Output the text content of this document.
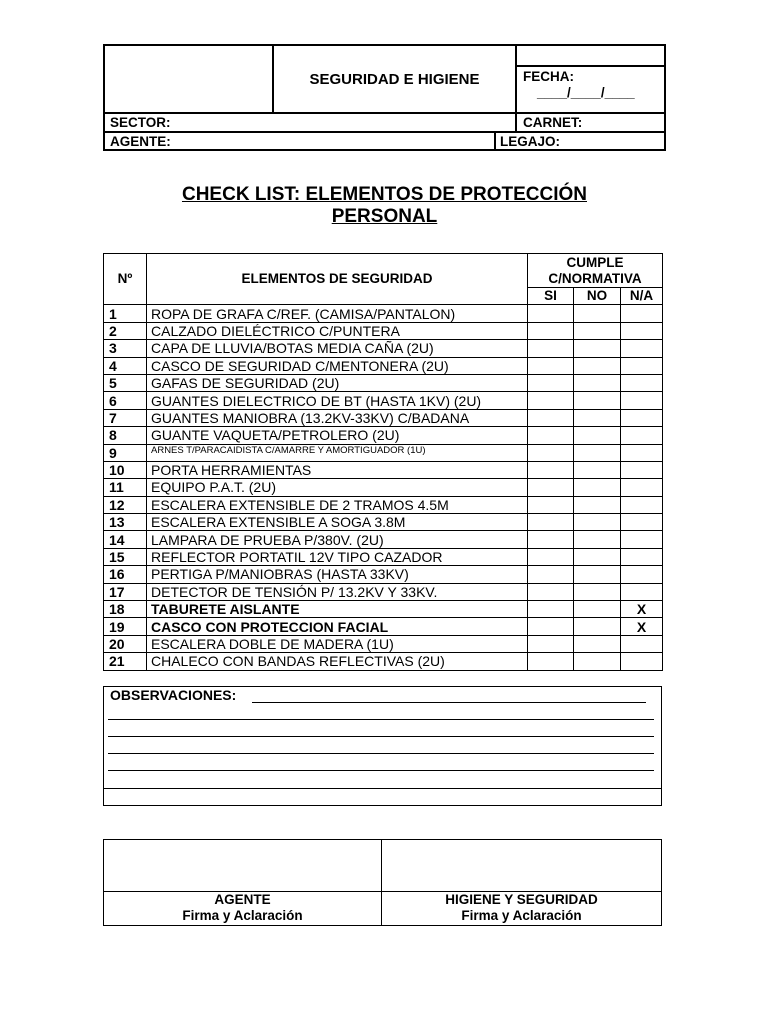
SEGURIDAD E HIGIENE	FECHA:
____/____/____
SECTOR:	CARNET:
AGENTE:	LEGAJO:
CHECK LIST: ELEMENTOS DE PROTECCIÓN
PERSONAL
Nº	ELEMENTOS DE SEGURIDAD	CUMPLE C/NORMATIVA		
		SI	NO	N/A
1	ROPA DE GRAFA C/REF. (CAMISA/PANTALON)			
2	CALZADO DIELÉCTRICO C/PUNTERA			
3	CAPA DE LLUVIA/BOTAS MEDIA CAÑA (2U)			
4	CASCO DE SEGURIDAD C/MENTONERA (2U)			
5	GAFAS DE SEGURIDAD (2U)			
6	GUANTES DIELECTRICO DE BT (HASTA 1KV) (2U)			
7	GUANTES MANIOBRA (13.2KV-33KV) C/BADANA			
8	GUANTE VAQUETA/PETROLERO (2U)			
9	ARNES T/PARACAIDISTA C/AMARRE Y AMORTIGUADOR (1U)			
10	PORTA HERRAMIENTAS			
11	EQUIPO P.A.T. (2U)			
12	ESCALERA EXTENSIBLE DE 2 TRAMOS 4.5M			
13	ESCALERA EXTENSIBLE A SOGA 3.8M			
14	LAMPARA DE PRUEBA P/380V. (2U)			
15	REFLECTOR PORTATIL 12V TIPO CAZADOR			
16	PERTIGA P/MANIOBRAS (HASTA 33KV)			
17	DETECTOR DE TENSIÓN P/ 13.2KV Y 33KV.			
18	TABURETE AISLANTE			X
19	CASCO CON PROTECCION FACIAL			X
20	ESCALERA DOBLE DE MADERA (1U)			
21	CHALECO CON BANDAS REFLECTIVAS (2U)			
OBSERVACIONES:
AGENTE
Firma y Aclaración
HIGIENE Y SEGURIDAD
Firma y Aclaración
